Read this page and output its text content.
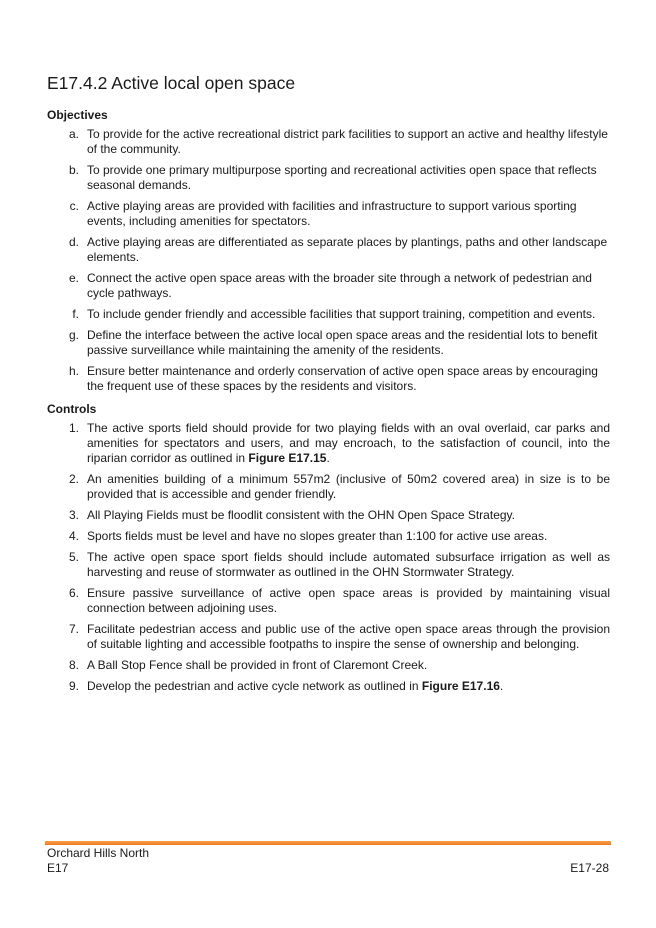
E17.4.2 Active local open space
Objectives
a. To provide for the active recreational district park facilities to support an active and healthy lifestyle of the community.
b. To provide one primary multipurpose sporting and recreational activities open space that reflects seasonal demands.
c. Active playing areas are provided with facilities and infrastructure to support various sporting events, including amenities for spectators.
d. Active playing areas are differentiated as separate places by plantings, paths and other landscape elements.
e. Connect the active open space areas with the broader site through a network of pedestrian and cycle pathways.
f. To include gender friendly and accessible facilities that support training, competition and events.
g. Define the interface between the active local open space areas and the residential lots to benefit passive surveillance while maintaining the amenity of the residents.
h. Ensure better maintenance and orderly conservation of active open space areas by encouraging the frequent use of these spaces by the residents and visitors.
Controls
1. The active sports field should provide for two playing fields with an oval overlaid, car parks and amenities for spectators and users, and may encroach, to the satisfaction of council, into the riparian corridor as outlined in Figure E17.15.
2. An amenities building of a minimum 557m2 (inclusive of 50m2 covered area) in size is to be provided that is accessible and gender friendly.
3. All Playing Fields must be floodlit consistent with the OHN Open Space Strategy.
4. Sports fields must be level and have no slopes greater than 1:100 for active use areas.
5. The active open space sport fields should include automated subsurface irrigation as well as harvesting and reuse of stormwater as outlined in the OHN Stormwater Strategy.
6. Ensure passive surveillance of active open space areas is provided by maintaining visual connection between adjoining uses.
7. Facilitate pedestrian access and public use of the active open space areas through the provision of suitable lighting and accessible footpaths to inspire the sense of ownership and belonging.
8. A Ball Stop Fence shall be provided in front of Claremont Creek.
9. Develop the pedestrian and active cycle network as outlined in Figure E17.16.
Orchard Hills North
E17	E17-28
